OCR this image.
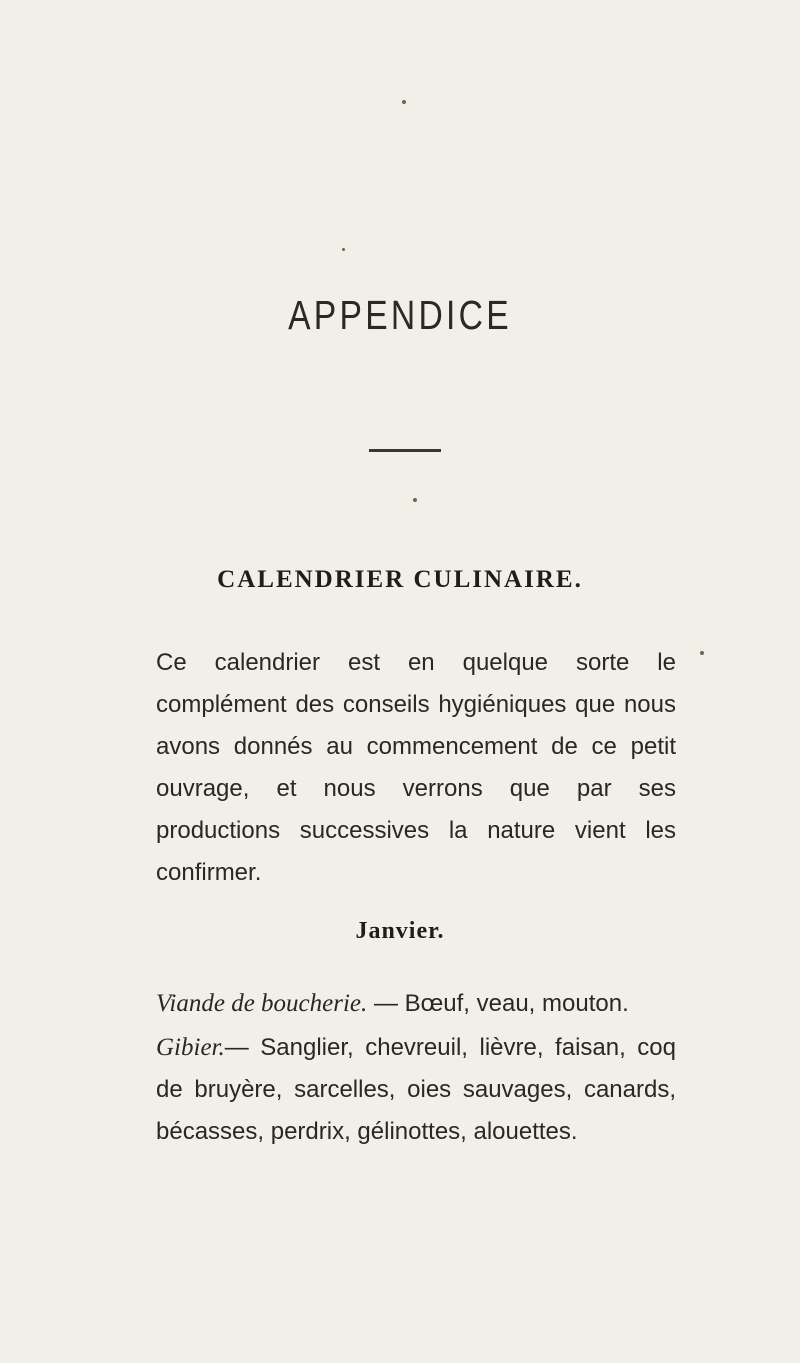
APPENDICE
CALENDRIER CULINAIRE.

Ce calendrier est en quelque sorte le complément des conseils hygiéniques que nous avons donnés au commencement de ce petit ouvrage, et nous verrons que par ses productions successives la nature vient les confirmer.

Janvier.

Viande de boucherie. — Bœuf, veau, mouton.

Gibier.— Sanglier, chevreuil, lièvre, faisan, coq de bruyère, sarcelles, oies sauvages, canards, bécasses, perdrix, gélinottes, alouettes.
